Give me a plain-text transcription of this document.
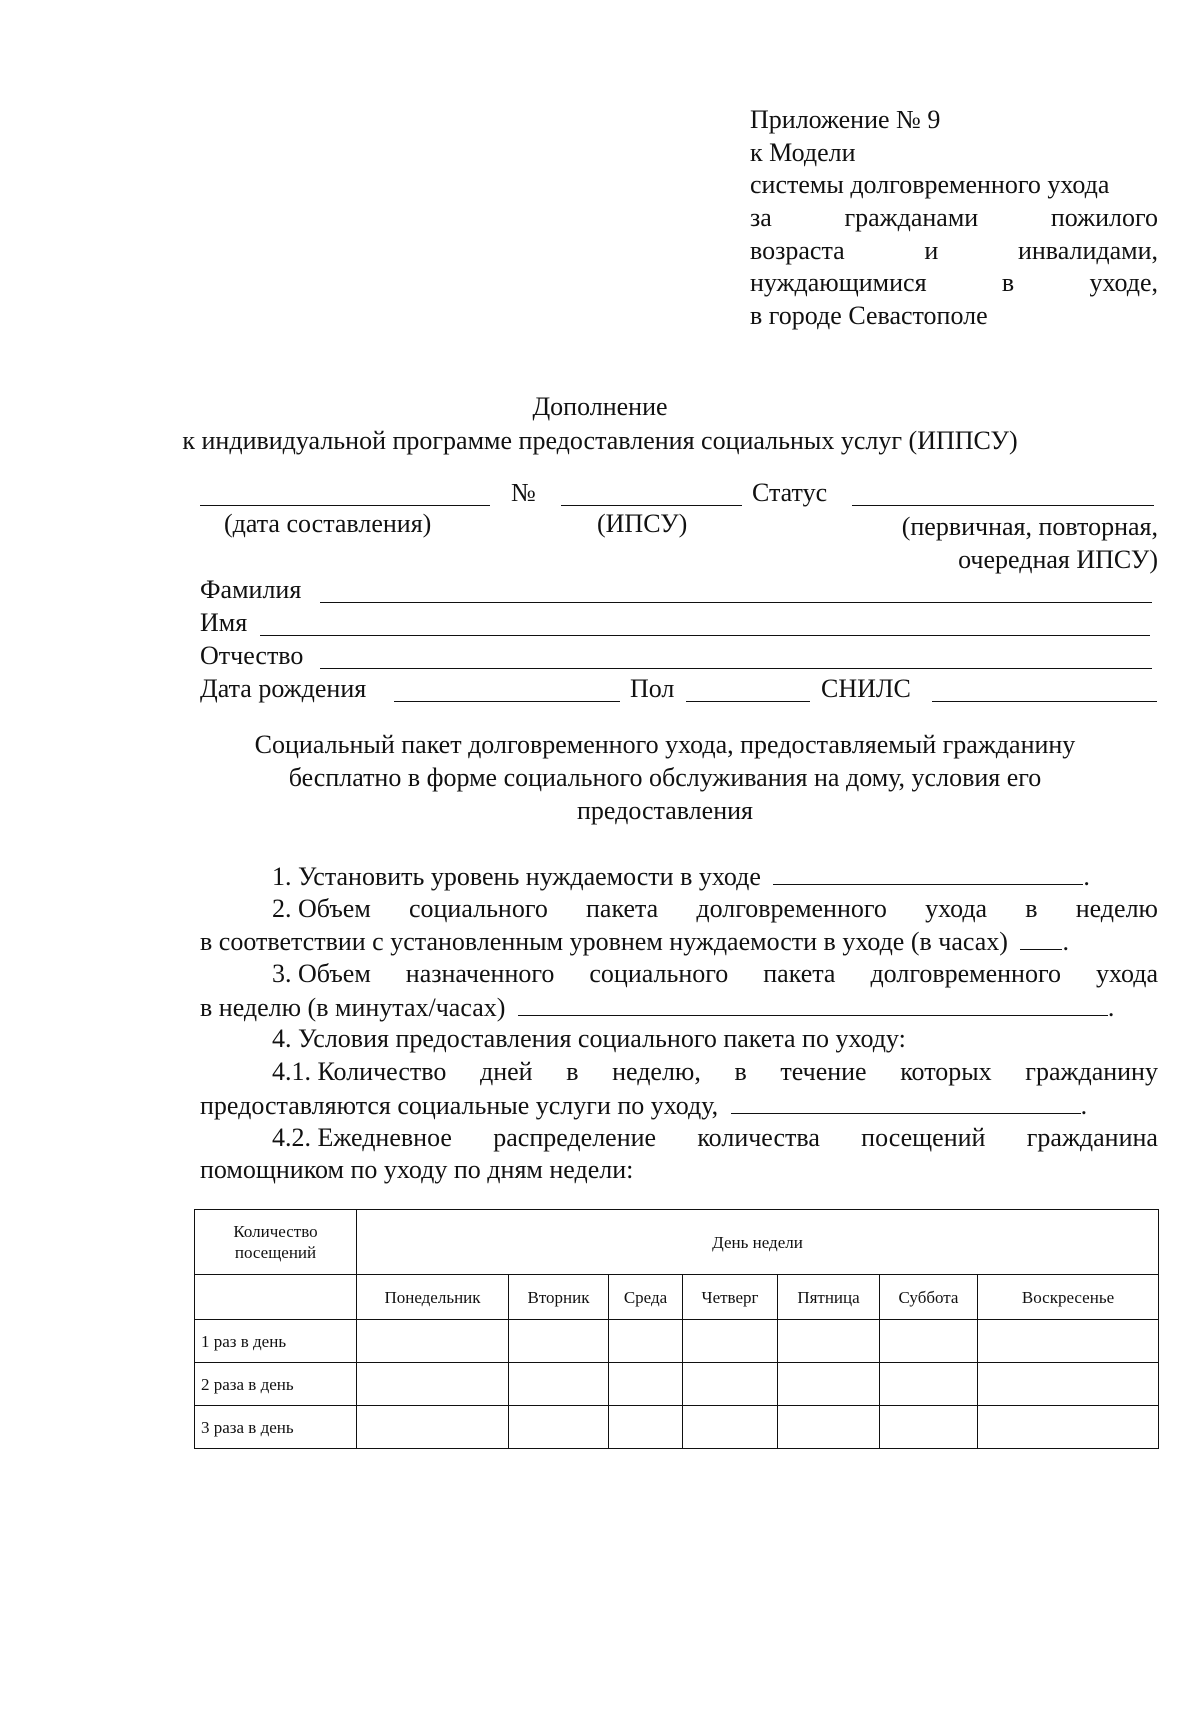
Приложение № 9
к Модели
системы долговременного ухода
за	гражданами	пожилого
возраста	и	инвалидами,
нуждающимися	в	уходе,
в городе Севастополе
Дополнение
к индивидуальной программе предоставления социальных услуг (ИППСУ)
№	Статус
(дата составления)	(ИПСУ)	(первичная, повторная,
очередная ИПСУ)
Фамилия
Имя
Отчество
Дата рождения	Пол	СНИЛС
Социальный пакет долговременного ухода, предоставляемый гражданину
бесплатно в форме социального обслуживания на дому, условия его
предоставления
1. Установить уровень нуждаемости в уходе	.
2. Объем социального пакета долговременного ухода в неделю
в соответствии с установленным уровнем нуждаемости в уходе (в часах) .
3. Объем назначенного социального пакета долговременного ухода
в неделю (в минутах/часах)	.
4. Условия предоставления социального пакета по уходу:
4.1. Количество дней в неделю, в течение которых гражданину
предоставляются социальные услуги по уходу,	.
4.2. Ежедневное распределение количества посещений гражданина
помощником по уходу по дням недели:
Количество посещений	День недели						
	Понедельник	Вторник	Среда	Четверг	Пятница	Суббота	Воскресенье
1 раз в день							
2 раза в день							
3 раза в день							
